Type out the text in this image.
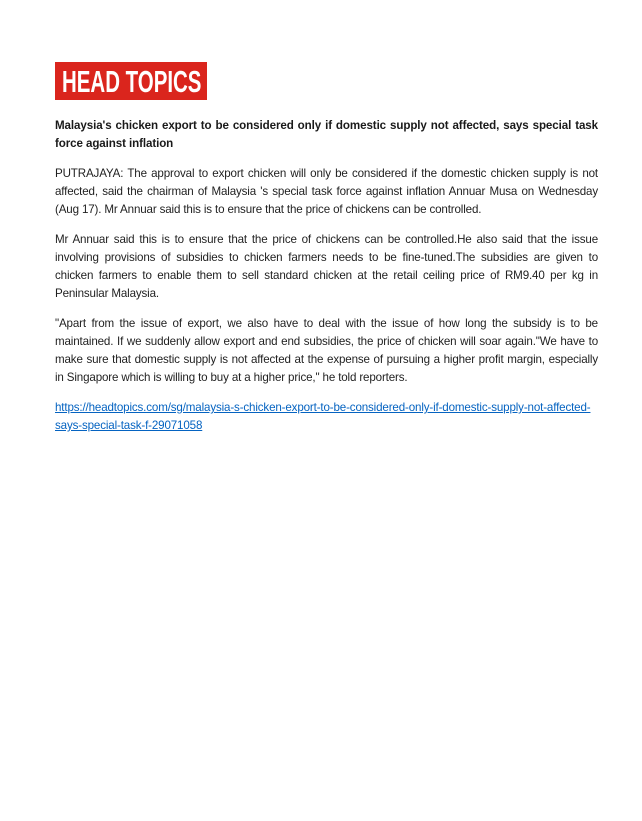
HEAD TOPICS

Malaysia's chicken export to be considered only if domestic supply not affected, says special task force against inflation

PUTRAJAYA: The approval to export chicken will only be considered if the domestic chicken supply is not affected, said the chairman of Malaysia 's special task force against inflation Annuar Musa on Wednesday (Aug 17). Mr Annuar said this is to ensure that the price of chickens can be controlled.

Mr Annuar said this is to ensure that the price of chickens can be controlled.He also said that the issue involving provisions of subsidies to chicken farmers needs to be fine-tuned.The subsidies are given to chicken farmers to enable them to sell standard chicken at the retail ceiling price of RM9.40 per kg in Peninsular Malaysia.

"Apart from the issue of export, we also have to deal with the issue of how long the subsidy is to be maintained. If we suddenly allow export and end subsidies, the price of chicken will soar again."We have to make sure that domestic supply is not affected at the expense of pursuing a higher profit margin, especially in Singapore which is willing to buy at a higher price," he told reporters.

https://headtopics.com/sg/malaysia-s-chicken-export-to-be-considered-only-if-domestic-supply-not-affected-says-special-task-f-29071058
